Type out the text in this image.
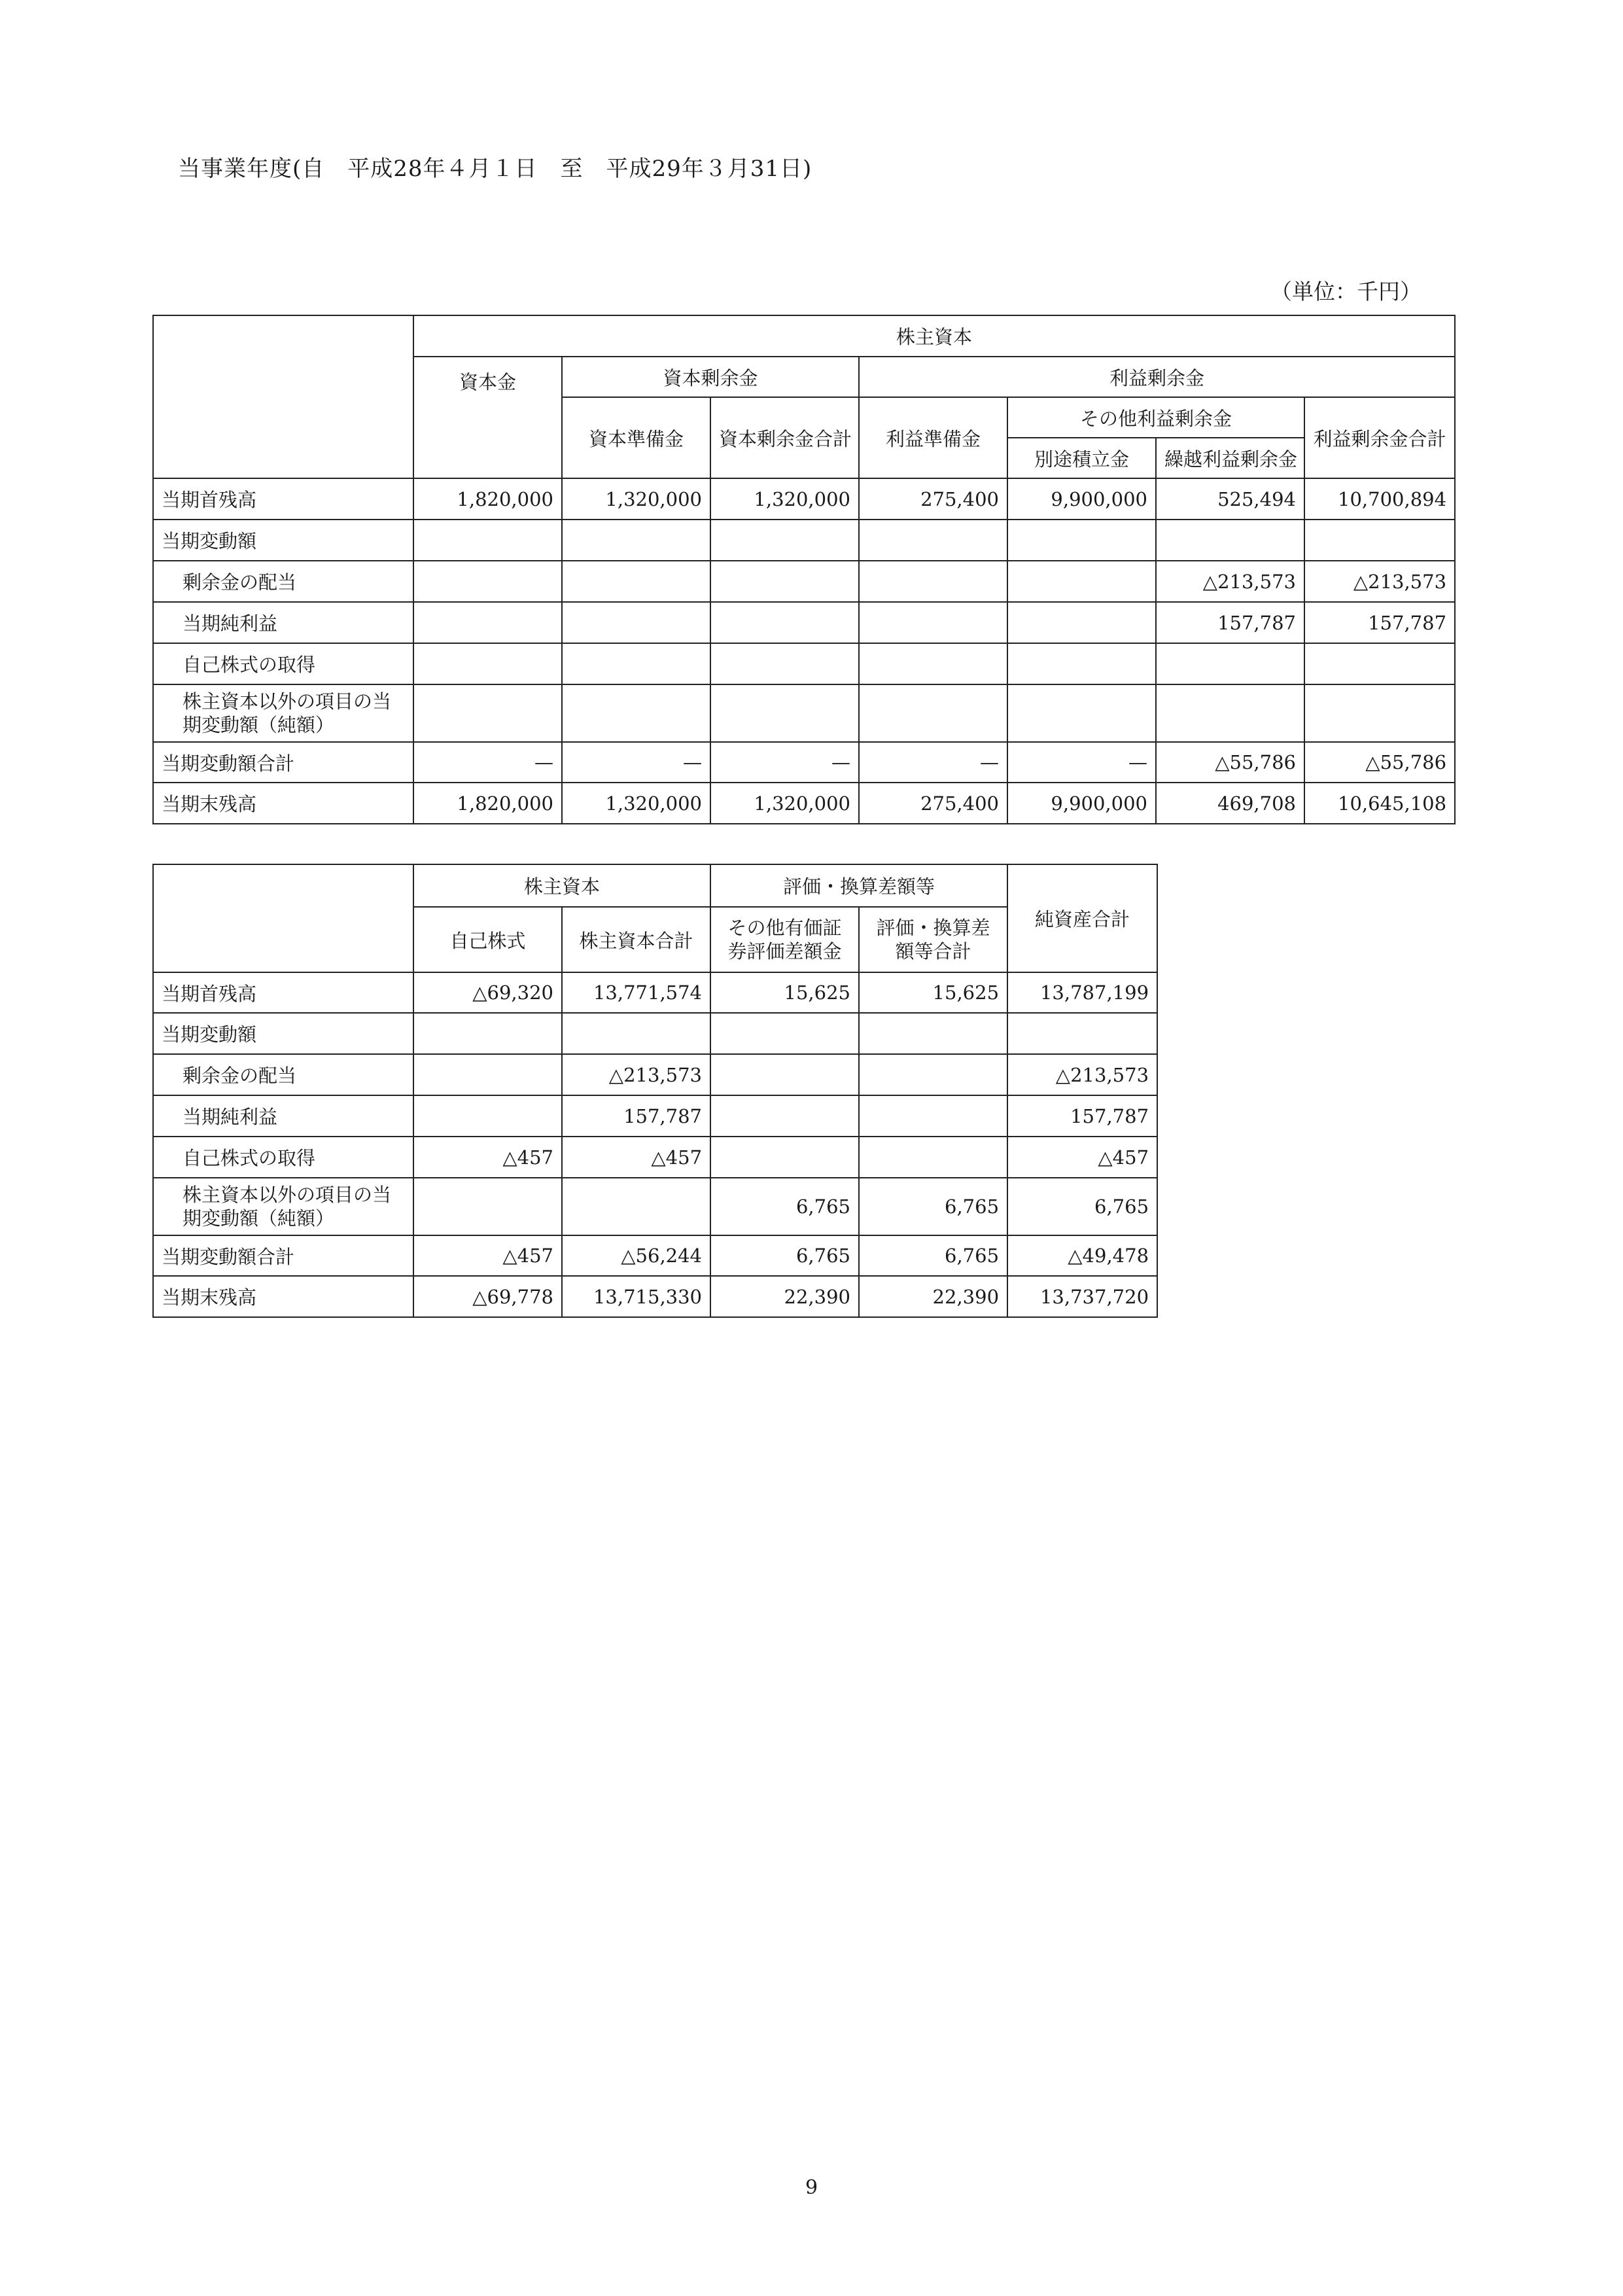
当事業年度(自　平成28年４月１日　至　平成29年３月31日)
（単位：千円）
	株主資本						
	資本金	資本剰余金		利益剰余金			
		資本準備金	資本剰余金合計	利益準備金	その他利益剰余金		利益剰余金合計
					別途積立金	繰越利益剰余金	
当期首残高	1,820,000	1,320,000	1,320,000	275,400	9,900,000	525,494	10,700,894
当期変動額							
剰余金の配当						△213,573	△213,573
当期純利益						157,787	157,787
自己株式の取得							
株主資本以外の項目の当期変動額（純額）							
当期変動額合計	—	—	—	—	—	△55,786	△55,786
当期末残高	1,820,000	1,320,000	1,320,000	275,400	9,900,000	469,708	10,645,108
	株主資本		評価・換算差額等		純資産合計
	自己株式	株主資本合計	その他有価証券評価差額金	評価・換算差額等合計	
当期首残高	△69,320	13,771,574	15,625	15,625	13,787,199
当期変動額					
剰余金の配当		△213,573			△213,573
当期純利益		157,787			157,787
自己株式の取得	△457	△457			△457
株主資本以外の項目の当期変動額（純額）			6,765	6,765	6,765
当期変動額合計	△457	△56,244	6,765	6,765	△49,478
当期末残高	△69,778	13,715,330	22,390	22,390	13,737,720
9
